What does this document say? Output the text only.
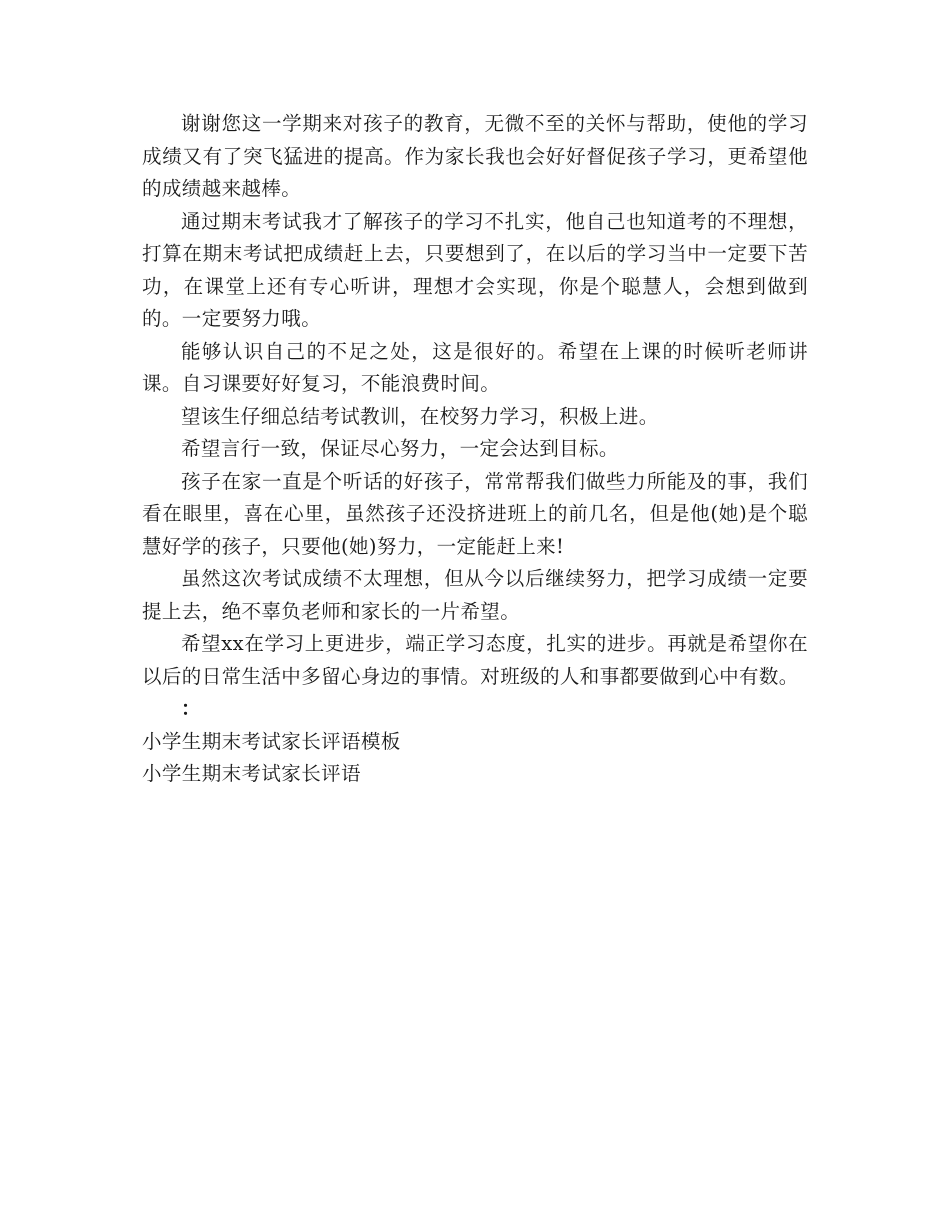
谢谢您这一学期来对孩子的教育，无微不至的关怀与帮助，使他的学习成绩又有了突飞猛进的提高。作为家长我也会好好督促孩子学习，更希望他的成绩越来越棒。

通过期末考试我才了解孩子的学习不扎实，他自己也知道考的不理想，打算在期末考试把成绩赶上去，只要想到了，在以后的学习当中一定要下苦功，在课堂上还有专心听讲，理想才会实现，你是个聪慧人，会想到做到的。一定要努力哦。

能够认识自己的不足之处，这是很好的。希望在上课的时候听老师讲课。自习课要好好复习，不能浪费时间。

望该生仔细总结考试教训，在校努力学习，积极上进。

希望言行一致，保证尽心努力，一定会达到目标。

孩子在家一直是个听话的好孩子，常常帮我们做些力所能及的事，我们看在眼里，喜在心里，虽然孩子还没挤进班上的前几名，但是他(她)是个聪慧好学的孩子，只要他(她)努力，一定能赶上来!

虽然这次考试成绩不太理想，但从今以后继续努力，把学习成绩一定要提上去，绝不辜负老师和家长的一片希望。

希望xx在学习上更进步，端正学习态度，扎实的进步。再就是希望你在以后的日常生活中多留心身边的事情。对班级的人和事都要做到心中有数。

：

小学生期末考试家长评语模板

小学生期末考试家长评语
